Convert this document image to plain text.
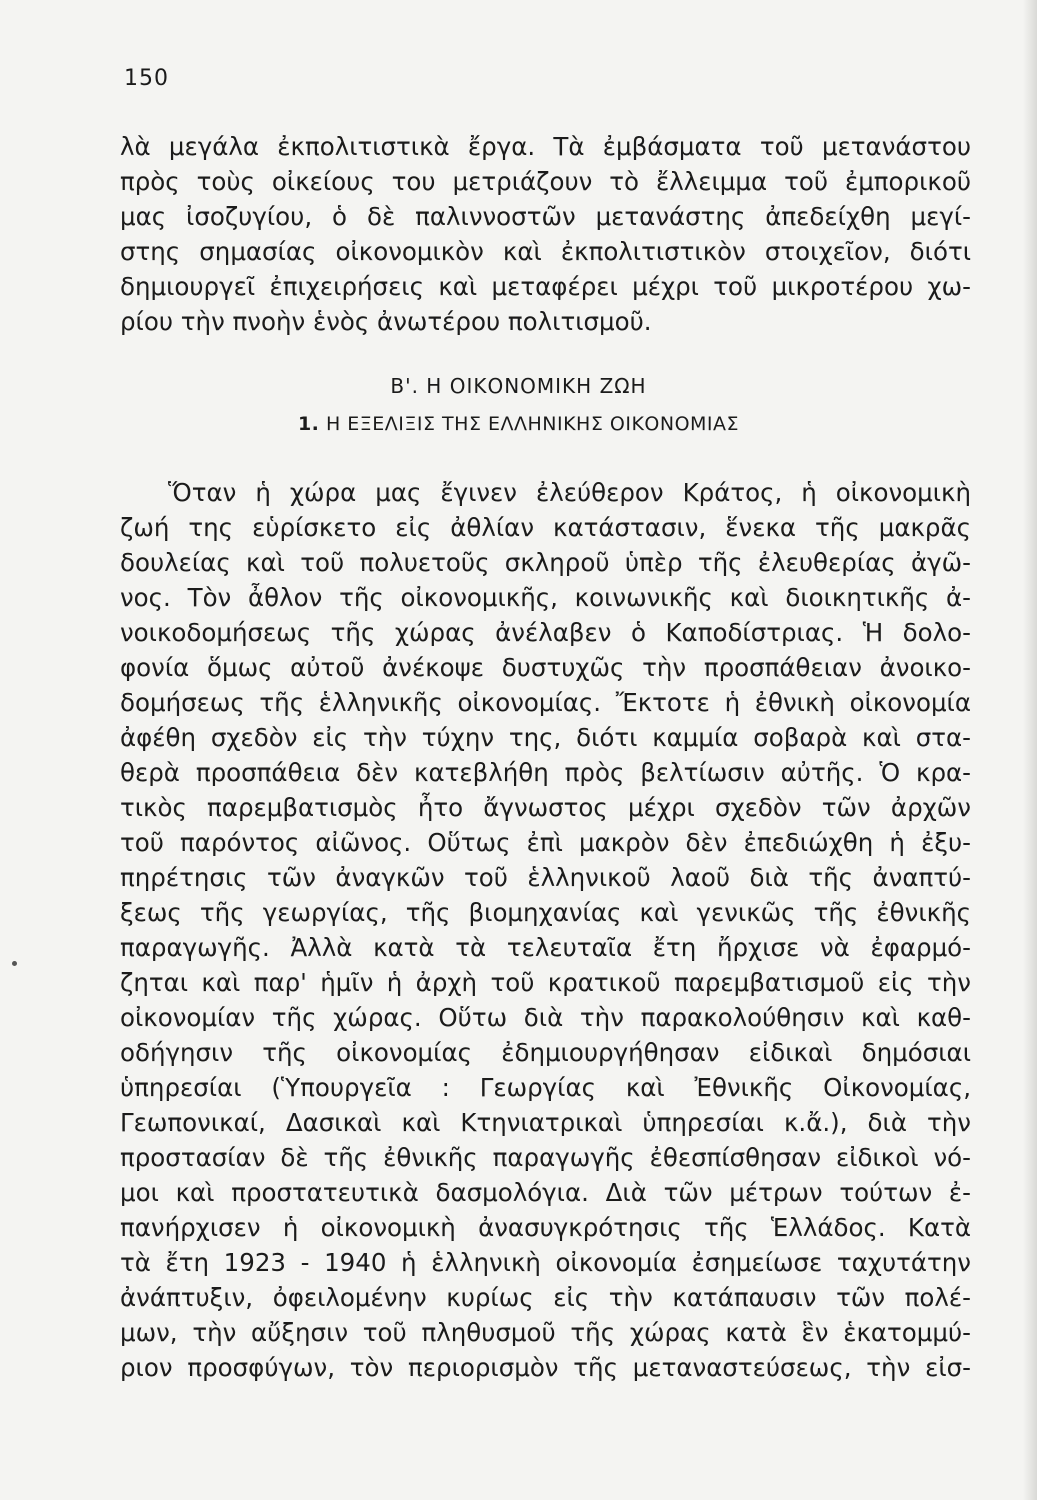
150
λὰ μεγάλα ἐκπολιτιστικὰ ἔργα. Τὰ ἐμβάσματα τοῦ μετανάστου
πρὸς τοὺς οἰκείους του μετριάζουν τὸ ἔλλειμμα τοῦ ἐμπορικοῦ
μας ἰσοζυγίου, ὁ δὲ παλιννοστῶν μετανάστης ἀπεδείχθη μεγί-
στης σημασίας οἰκονομικὸν καὶ ἐκπολιτιστικὸν στοιχεῖον, διότι
δημιουργεῖ ἐπιχειρήσεις καὶ μεταφέρει μέχρι τοῦ μικροτέρου χω-
ρίου τὴν πνοὴν ἑνὸς ἀνωτέρου πολιτισμοῦ.
Β'. Η ΟΙΚΟΝΟΜΙΚΗ ΖΩΗ
1. Η ΕΞΕΛΙΞΙΣ ΤΗΣ ΕΛΛΗΝΙΚΗΣ ΟΙΚΟΝΟΜΙΑΣ
Ὅταν ἡ χώρα μας ἔγινεν ἐλεύθερον Κράτος, ἡ οἰκονομικὴ
ζωή της εὑρίσκετο εἰς ἀθλίαν κατάστασιν, ἕνεκα τῆς μακρᾶς
δουλείας καὶ τοῦ πολυετοῦς σκληροῦ ὑπὲρ τῆς ἐλευθερίας ἀγῶ-
νος. Τὸν ἆθλον τῆς οἰκονομικῆς, κοινωνικῆς καὶ διοικητικῆς ἀ-
νοικοδομήσεως τῆς χώρας ἀνέλαβεν ὁ Καποδίστριας. Ἡ δολο-
φονία ὅμως αὐτοῦ ἀνέκοψε δυστυχῶς τὴν προσπάθειαν ἀνοικο-
δομήσεως τῆς ἑλληνικῆς οἰκονομίας. Ἔκτοτε ἡ ἐθνικὴ οἰκονομία
ἀφέθη σχεδὸν εἰς τὴν τύχην της, διότι καμμία σοβαρὰ καὶ στα-
θερὰ προσπάθεια δὲν κατεβλήθη πρὸς βελτίωσιν αὐτῆς. Ὁ κρα-
τικὸς παρεμβατισμὸς ἦτο ἄγνωστος μέχρι σχεδὸν τῶν ἀρχῶν
τοῦ παρόντος αἰῶνος. Οὕτως ἐπὶ μακρὸν δὲν ἐπεδιώχθη ἡ ἐξυ-
πηρέτησις τῶν ἀναγκῶν τοῦ ἑλληνικοῦ λαοῦ διὰ τῆς ἀναπτύ-
ξεως τῆς γεωργίας, τῆς βιομηχανίας καὶ γενικῶς τῆς ἐθνικῆς
παραγωγῆς. Ἀλλὰ κατὰ τὰ τελευταῖα ἔτη ἤρχισε νὰ ἐφαρμό-
ζηται καὶ παρ' ἡμῖν ἡ ἀρχὴ τοῦ κρατικοῦ παρεμβατισμοῦ εἰς τὴν
οἰκονομίαν τῆς χώρας. Οὕτω διὰ τὴν παρακολούθησιν καὶ καθ-
οδήγησιν τῆς οἰκονομίας ἐδημιουργήθησαν εἰδικαὶ δημόσιαι
ὑπηρεσίαι (Ὑπουργεῖα : Γεωργίας καὶ Ἐθνικῆς Οἰκονομίας,
Γεωπονικαί, Δασικαὶ καὶ Κτηνιατρικαὶ ὑπηρεσίαι κ.ἄ.), διὰ τὴν
προστασίαν δὲ τῆς ἐθνικῆς παραγωγῆς ἐθεσπίσθησαν εἰδικοὶ νό-
μοι καὶ προστατευτικὰ δασμολόγια. Διὰ τῶν μέτρων τούτων ἐ-
πανήρχισεν ἡ οἰκονομικὴ ἀνασυγκρότησις τῆς Ἑλλάδος. Κατὰ
τὰ ἔτη 1923 - 1940 ἡ ἑλληνικὴ οἰκονομία ἐσημείωσε ταχυτάτην
ἀνάπτυξιν, ὀφειλομένην κυρίως εἰς τὴν κατάπαυσιν τῶν πολέ-
μων, τὴν αὔξησιν τοῦ πληθυσμοῦ τῆς χώρας κατὰ ἓν ἑκατομμύ-
ριον προσφύγων, τὸν περιορισμὸν τῆς μεταναστεύσεως, τὴν εἰσ-
